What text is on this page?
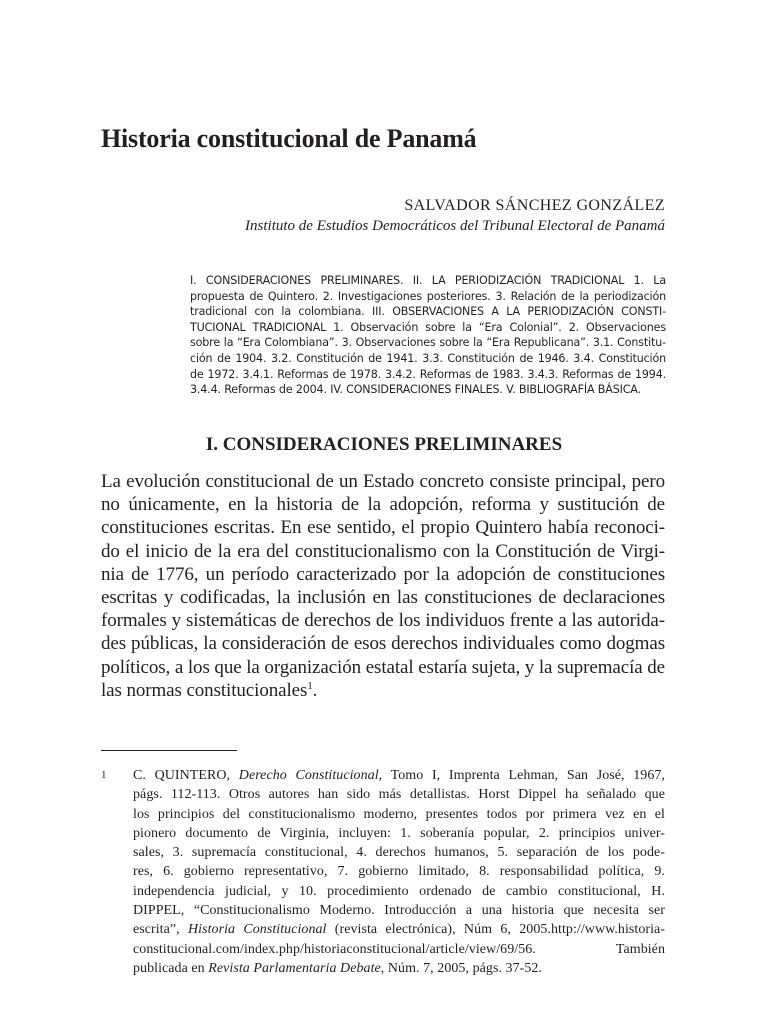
Historia constitucional de Panamá
SALVADOR SÁNCHEZ GONZÁLEZ
Instituto de Estudios Democráticos del Tribunal Electoral de Panamá
I. CONSIDERACIONES PRELIMINARES. II. LA PERIODIZACIÓN TRADICIONAL 1. La
propuesta de Quintero. 2. Investigaciones posteriores. 3. Relación de la periodización
tradicional con la colombiana. III. OBSERVACIONES A LA PERIODIZACIÓN CONSTI-
TUCIONAL TRADICIONAL 1. Observación sobre la “Era Colonial”. 2. Observaciones
sobre la “Era Colombiana”. 3. Observaciones sobre la “Era Republicana”. 3.1. Constitu-
ción de 1904. 3.2. Constitución de 1941. 3.3. Constitución de 1946. 3.4. Constitución
de 1972. 3.4.1. Reformas de 1978. 3.4.2. Reformas de 1983. 3.4.3. Reformas de 1994.
3.4.4. Reformas de 2004. IV. CONSIDERACIONES FINALES. V. BIBLIOGRAFÍA BÁSICA.
I. CONSIDERACIONES PRELIMINARES
La evolución constitucional de un Estado concreto consiste principal, pero
no únicamente, en la historia de la adopción, reforma y sustitución de
constituciones escritas. En ese sentido, el propio Quintero había reconoci-
do el inicio de la era del constitucionalismo con la Constitución de Virgi-
nia de 1776, un período caracterizado por la adopción de constituciones
escritas y codificadas, la inclusión en las constituciones de declaraciones
formales y sistemáticas de derechos de los individuos frente a las autorida-
des públicas, la consideración de esos derechos individuales como dogmas
políticos, a los que la organización estatal estaría sujeta, y la supremacía de
las normas constitucionales$^1$.
1 C. QUINTERO, Derecho Constitucional, Tomo I, Imprenta Lehman, San José, 1967,
págs. 112-113. Otros autores han sido más detallistas. Horst Dippel ha señalado que
los principios del constitucionalismo moderno, presentes todos por primera vez en el
pionero documento de Virginia, incluyen: 1. soberanía popular, 2. principios univer-
sales, 3. supremacía constitucional, 4. derechos humanos, 5. separación de los pode-
res, 6. gobierno representativo, 7. gobierno limitado, 8. responsabilidad política, 9.
independencia judicial, y 10. procedimiento ordenado de cambio constitucional, H.
DIPPEL, “Constitucionalismo Moderno. Introducción a una historia que necesita ser
escrita”, Historia Constitucional (revista electrónica), Núm 6, 2005.http://www.historia-
constitucional.com/index.php/historiaconstitucional/article/view/69/56. También
publicada en Revista Parlamentaria Debate, Núm. 7, 2005, págs. 37-52.
